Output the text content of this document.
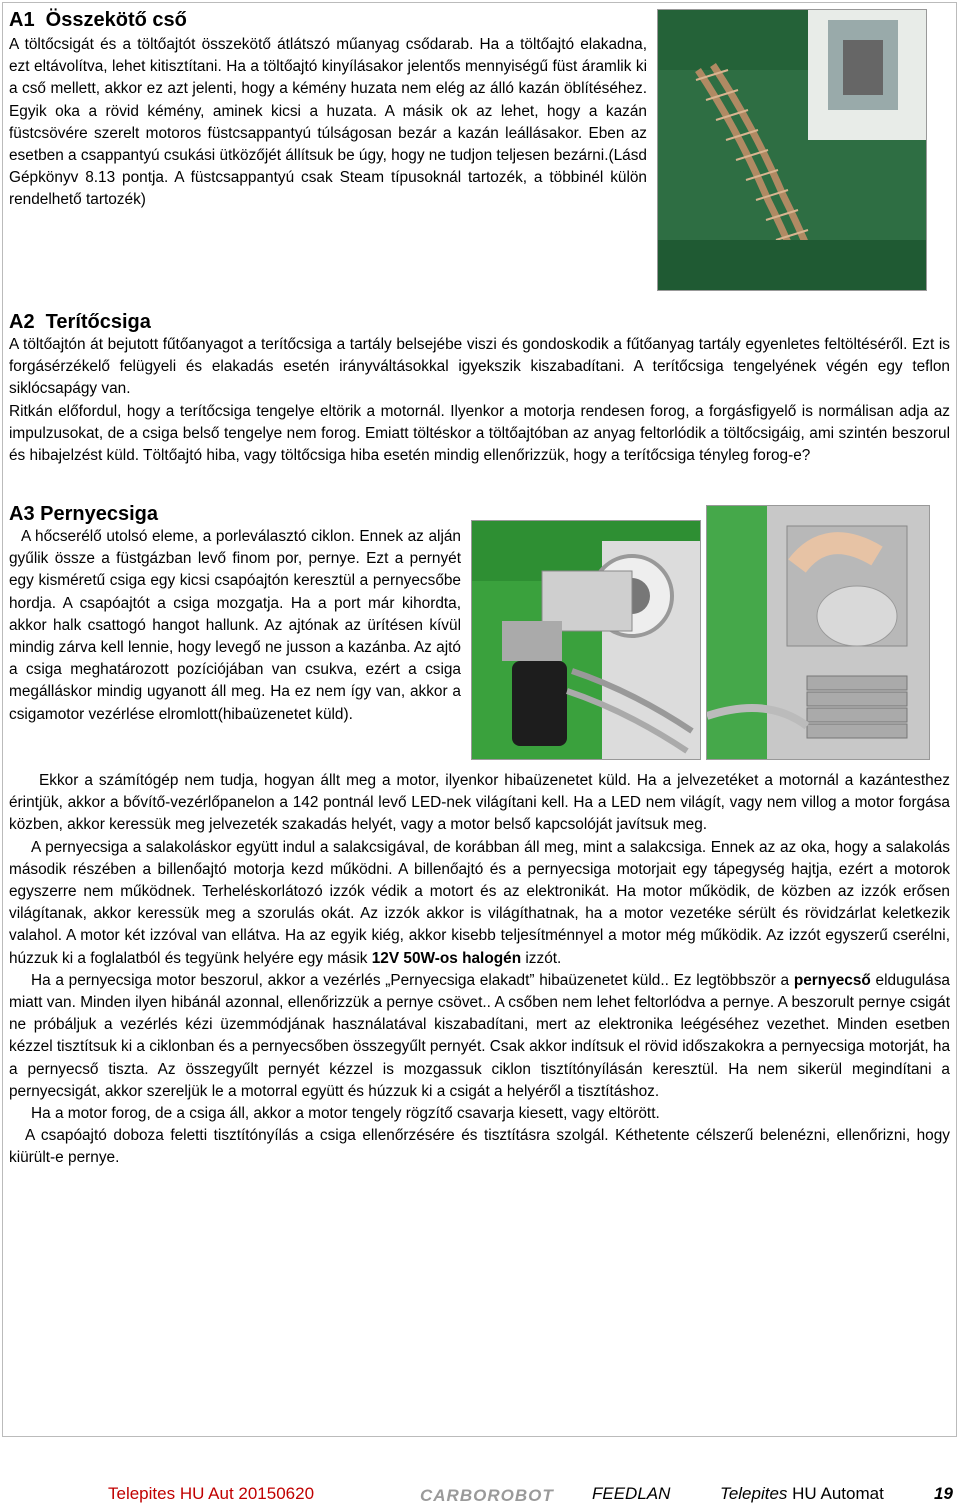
A1  Összekötő cső

A töltőcsigát és a töltőajtót összekötő átlátszó műanyag csődarab. Ha a töltőajtó elakadna, ezt eltávolítva, lehet kitisztítani. Ha a töltőajtó kinyílásakor jelentős mennyiségű füst áramlik ki a cső mellett, akkor ez azt jelenti, hogy a kémény huzata nem elég az álló kazán öblítéséhez. Egyik oka a rövid kémény, aminek kicsi a huzata. A másik ok az lehet, hogy a kazán füstcsövére szerelt motoros füstcsappantyú túlságosan bezár a kazán leállásakor. Eben az esetben a csappantyú csukási ütközőjét állítsuk be úgy, hogy ne tudjon teljesen bezárni.(Lásd Gépkönyv 8.13 pontja. A füstcsappantyú csak Steam típusoknál tartozék, a többinél külön rendelhető tartozék)

A2  Terítőcsiga

A töltőajtón át bejutott fűtőanyagot a terítőcsiga a tartály belsejébe viszi és gondoskodik a fűtőanyag tartály egyenletes feltöltéséről. Ezt is forgásérzékelő felügyeli és elakadás esetén irányváltásokkal igyekszik kiszabadítani. A terítőcsiga tengelyének végén egy teflon siklócsapágy van.

Ritkán előfordul, hogy a terítőcsiga tengelye eltörik a motornál. Ilyenkor a motorja rendesen forog, a forgásfigyelő is normálisan adja az impulzusokat, de a csiga belső tengelye nem forog. Emiatt töltéskor a töltőajtóban az anyag feltorlódik a töltőcsigáig, ami szintén beszorul és hibajelzést küld. Töltőajtó hiba, vagy töltőcsiga hiba esetén mindig ellenőrizzük, hogy a terítőcsiga tényleg forog-e?

A3 Pernyecsiga

A hőcserélő utolsó eleme, a porleválasztó ciklon. Ennek az alján gyűlik össze a füstgázban levő finom por, pernye. Ezt a pernyét egy kisméretű csiga egy kicsi csapóajtón keresztül a pernyecsőbe hordja. A csapóajtót a csiga mozgatja. Ha a port már kihordta, akkor halk csattogó hangot hallunk. Az ajtónak az ürítésen kívül mindig zárva kell lennie, hogy levegő ne jusson a kazánba. Az ajtó a csiga meghatározott pozíciójában van csukva, ezért a csiga megálláskor mindig ugyanott áll meg. Ha ez nem így van, akkor a csigamotor vezérlése elromlott(hibaüzenetet küld).

Ekkor a számítógép nem tudja, hogyan állt meg a motor, ilyenkor hibaüzenetet küld. Ha a jelvezetéket a motornál a kazántesthez érintjük, akkor a bővítő-vezérlőpanelon a 142 pontnál levő LED-nek világítani kell. Ha a LED nem világít, vagy nem villog a motor forgása közben, akkor keressük meg jelvezeték szakadás helyét, vagy a motor belső kapcsolóját javítsuk meg.

A pernyecsiga a salakoláskor együtt indul a salakcsigával, de korábban áll meg, mint a salakcsiga. Ennek az az oka, hogy a salakolás második részében a billenőajtó motorja kezd működni. A billenőajtó és a pernyecsiga motorjait egy tápegység hajtja, ezért a motorok egyszerre nem működnek. Terheléskorlátozó izzók védik a motort és az elektronikát. Ha motor működik, de közben az izzók erősen világítanak, akkor keressük meg a szorulás okát. Az izzók akkor is világíthatnak, ha a motor vezetéke sérült és rövidzárlat keletkezik valahol. A motor két izzóval van ellátva. Ha az egyik kiég, akkor kisebb teljesítménnyel a motor még működik. Az izzót egyszerű cserélni, húzzuk ki a foglalatból és tegyünk helyére egy másik 12V 50W-os halogén izzót.

Ha a pernyecsiga motor beszorul, akkor a vezérlés „Pernyecsiga elakadt” hibaüzenetet küld.. Ez legtöbbször a pernyecső eldugulása miatt van. Minden ilyen hibánál azonnal, ellenőrizzük a pernye csövet.. A csőben nem lehet feltorlódva a pernye. A beszorult pernye csigát ne próbáljuk a vezérlés kézi üzemmódjának használatával kiszabadítani, mert az elektronika leégéséhez vezethet. Minden esetben kézzel tisztítsuk ki a ciklonban és a pernyecsőben összegyűlt pernyét. Csak akkor indítsuk el rövid időszakokra a pernyecsiga motorját, ha a pernyecső tiszta. Az összegyűlt pernyét kézzel is mozgassuk ciklon tisztítónyílásán keresztül. Ha nem sikerül megindítani a pernyecsigát, akkor szereljük le a motorral együtt és húzzuk ki a csigát a helyéről a tisztításhoz.

Ha a motor forog, de a csiga áll, akkor a motor tengely rögzítő csavarja kiesett, vagy eltörött.

A csapóajtó doboza feletti tisztítónyílás a csiga ellenőrzésére és tisztításra szolgál. Kéthetente célszerű belenézni, ellenőrizni, hogy kiürült-e pernye.

Telepites HU Aut 20150620	CARBOROBOT FEEDLAN	Telepites HU Automat	19
